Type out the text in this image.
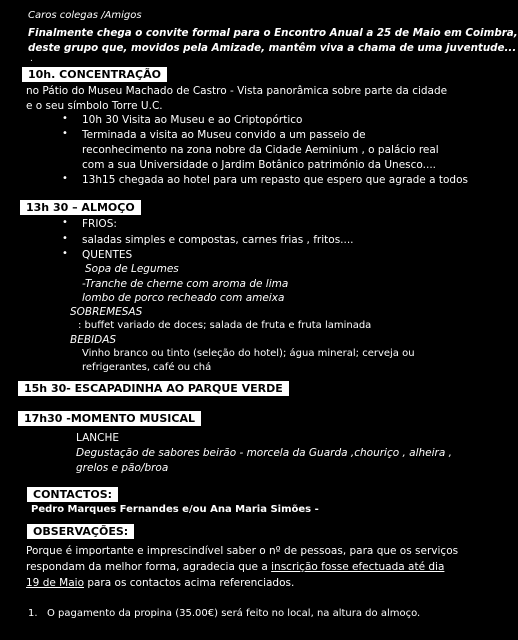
Caros colegas /Amigos
Finalmente chega o convite formal para o Encontro Anual a 25 de Maio em Coimbra,
deste grupo que, movidos pela Amizade, mantêm viva a chama de uma juventude...
.
10h. CONCENTRAÇÃO
no Pátio do Museu Machado de Castro - Vista panorâmica sobre parte da cidade
e o seu símbolo Torre U.C.
• 10h 30 Visita ao Museu e ao Criptopórtico
• Terminada a visita ao Museu convido a um passeio de
reconhecimento na zona nobre da Cidade Aeminium , o palácio real
com a sua Universidade o Jardim Botânico património da Unesco....
• 13h15 chegada ao hotel para um repasto que espero que agrade a todos
13h 30 – ALMOÇO
• FRIOS:
• saladas simples e compostas, carnes frias , fritos....
• QUENTES
Sopa de Legumes
-Tranche de cherne com aroma de lima
lombo de porco recheado com ameixa
SOBREMESAS
: buffet variado de doces; salada de fruta e fruta laminada
BEBIDAS
Vinho branco ou tinto (seleção do hotel); água mineral; cerveja ou
refrigerantes, café ou chá
15h 30- ESCAPADINHA AO PARQUE VERDE
17h30 -MOMENTO MUSICAL
LANCHE
Degustação de sabores beirão - morcela da Guarda ,chouriço , alheira ,
grelos e pão/broa
CONTACTOS:
Pedro Marques Fernandes e/ou Ana Maria Simões -
OBSERVAÇÕES:
Porque é importante e imprescindível saber o nº de pessoas, para que os serviços
respondam da melhor forma, agradecia que a inscrição fosse efectuada até dia
19 de Maio para os contactos acima referenciados.
1. O pagamento da propina (35.00€) será feito no local, na altura do almoço.
